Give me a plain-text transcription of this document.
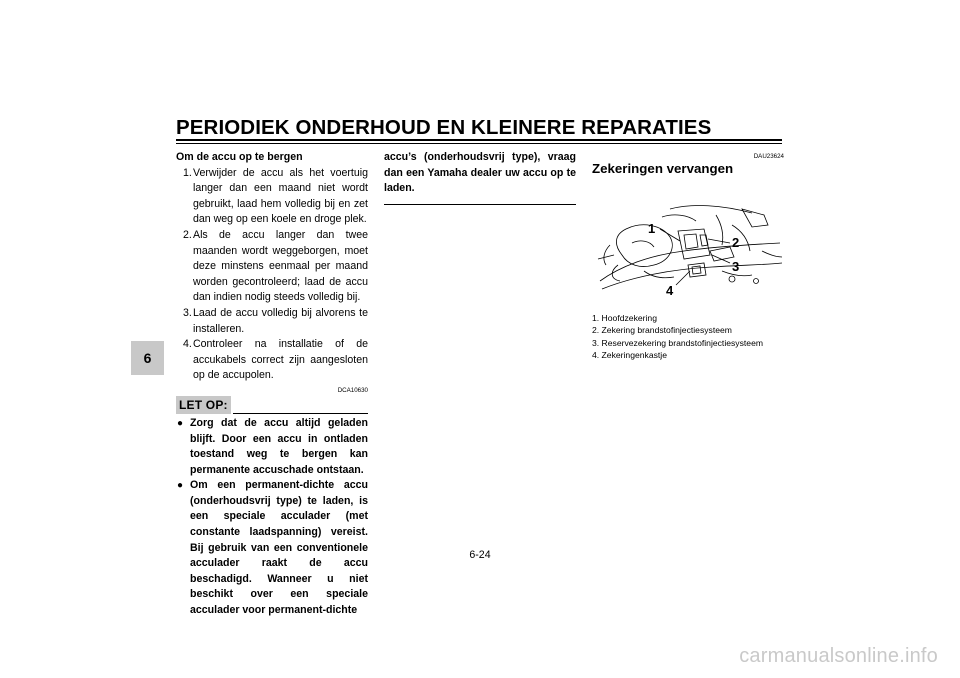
PERIODIEK ONDERHOUD EN KLEINERE REPARATIES
6
Om de accu op te bergen
1. Verwijder de accu als het voertuig langer dan een maand niet wordt gebruikt, laad hem volledig bij en zet dan weg op een koele en droge plek.
2. Als de accu langer dan twee maanden wordt weggeborgen, moet deze minstens eenmaal per maand worden gecontroleerd; laad de accu dan indien nodig steeds volledig bij.
3. Laad de accu volledig bij alvorens te installeren.
4. Controleer na installatie of de accukabels correct zijn aangesloten op de accupolen.
DCA10630
LET OP:
● Zorg dat de accu altijd geladen blijft. Door een accu in ontladen toestand weg te bergen kan permanente accuschade ontstaan.
● Om een permanent-dichte accu (onderhoudsvrij type) te laden, is een speciale acculader (met constante laadspanning) vereist. Bij gebruik van een conventionele acculader raakt de accu beschadigd. Wanneer u niet beschikt over een speciale acculader voor permanent-dichte

accu’s (onderhoudsvrij type), vraag dan een Yamaha dealer uw accu op te laden.

DAU23624
Zekeringen vervangen
1
2
3
4
1. Hoofdzekering
2. Zekering brandstofinjectiesysteem
3. Reservezekering brandstofinjectiesysteem
4. Zekeringenkastje
6-24
carmanualsonline.info
